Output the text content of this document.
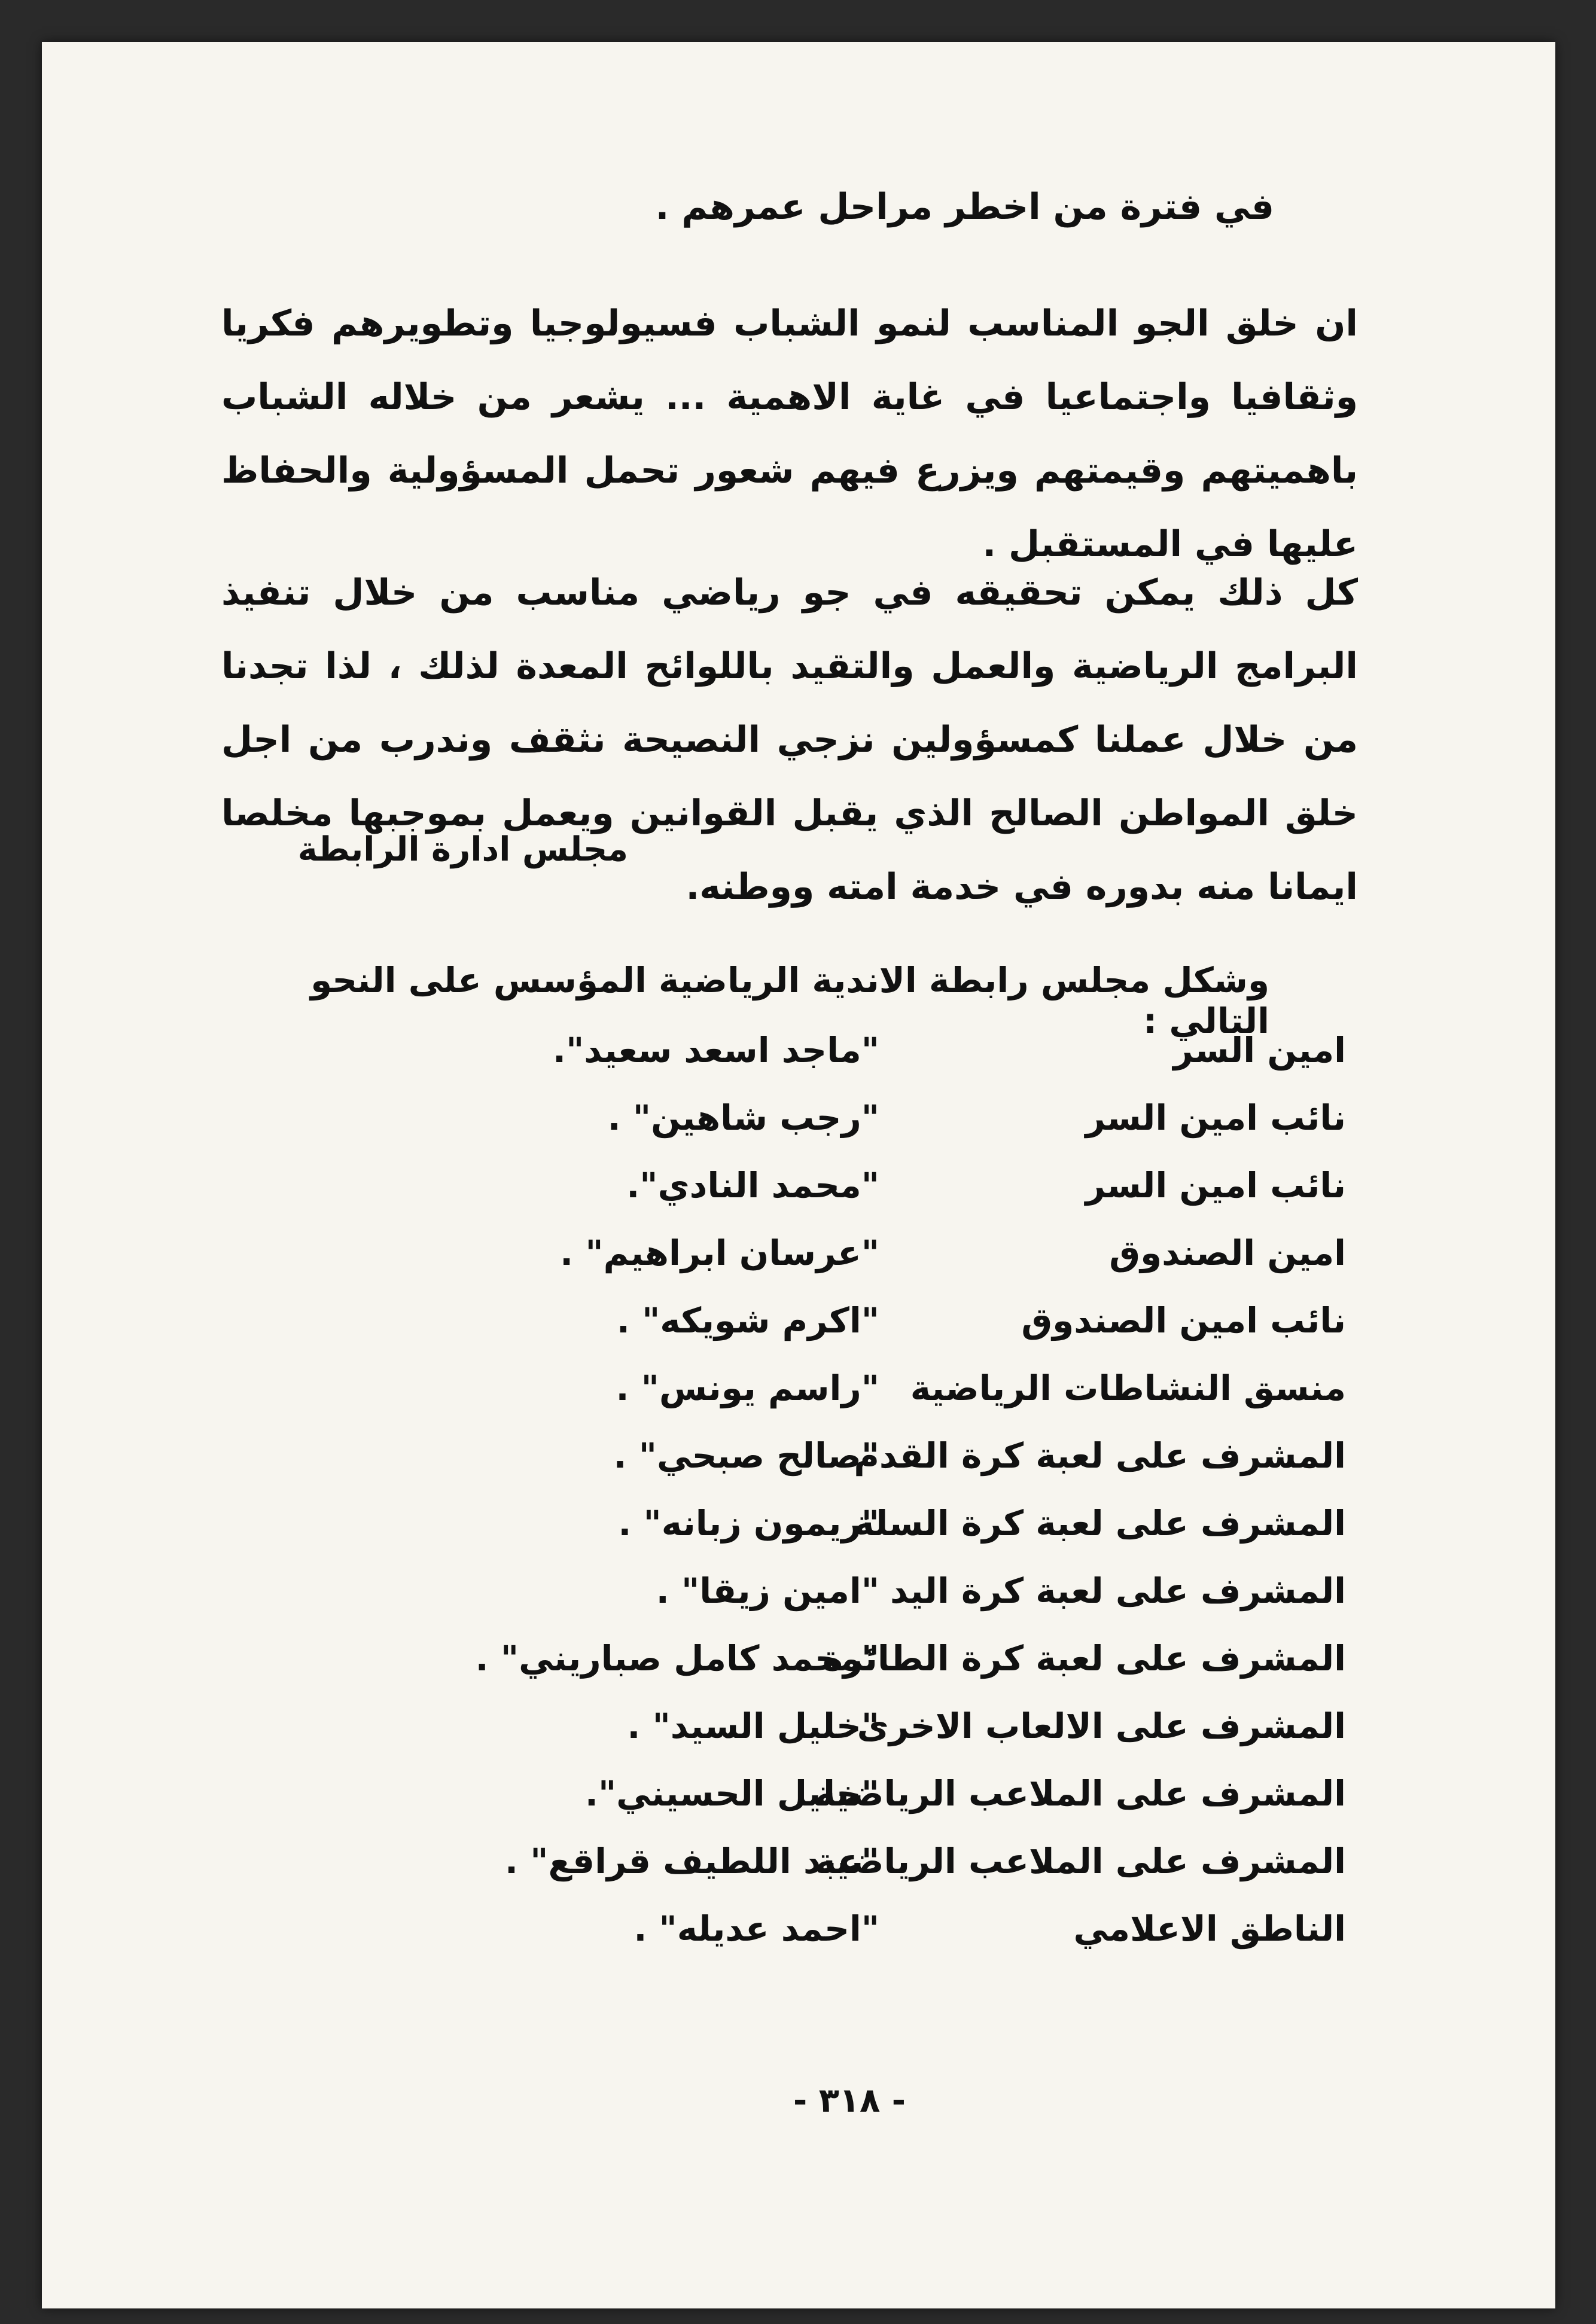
في فترة من اخطر مراحل عمرهم .

ان خلق الجو المناسب لنمو الشباب فسيولوجيا وتطويرهم فكريا وثقافيا واجتماعيا في غاية الاهمية ... يشعر من خلاله الشباب باهميتهم وقيمتهم ويزرع فيهم شعور تحمل المسؤولية والحفاظ عليها في المستقبل .

كل ذلك يمكن تحقيقه في جو رياضي مناسب من خلال تنفيذ البرامج الرياضية والعمل والتقيد باللوائح المعدة لذلك ، لذا تجدنا من خلال عملنا كمسؤولين نزجي النصيحة نثقف وندرب من اجل خلق المواطن الصالح الذي يقبل القوانين ويعمل بموجبها مخلصا ايمانا منه بدوره في خدمة امته ووطنه.

مجلس ادارة الرابطة
وشكل مجلس رابطة الاندية الرياضية المؤسس على النحو التالي :
امين السر
"ماجد اسعد سعيد".
نائب امين السر
"رجب شاهين" .
نائب امين السر
"محمد النادي".
امين الصندوق
"عرسان ابراهيم" .
نائب امين الصندوق
"اكرم شويكه" .
منسق النشاطات الرياضية
"راسم يونس" .
المشرف على لعبة كرة القدم
"صالح صبحي" .
المشرف على لعبة كرة السلة
"ريمون زبانه" .
المشرف على لعبة كرة اليد
"امين زيقا" .
المشرف على لعبة كرة الطائرة
"محمد كامل صباريني" .
المشرف على الالعاب الاخرى
"خليل السيد" .
المشرف على الملاعب الرياضية
"خليل الحسيني".
المشرف على الملاعب الرياضية
"عبد اللطيف قراقع" .
الناطق الاعلامي
"احمد عديله" .
- ٣١٨ -
